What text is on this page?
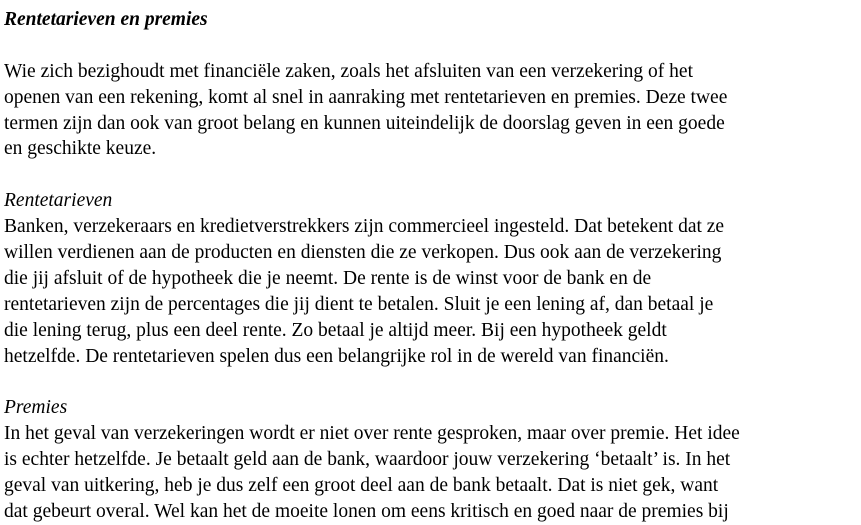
Rentetarieven en premies

Wie zich bezighoudt met financiële zaken, zoals het afsluiten van een verzekering of het
openen van een rekening, komt al snel in aanraking met rentetarieven en premies. Deze twee
termen zijn dan ook van groot belang en kunnen uiteindelijk de doorslag geven in een goede
en geschikte keuze.

Rentetarieven

Banken, verzekeraars en kredietverstrekkers zijn commercieel ingesteld. Dat betekent dat ze
willen verdienen aan de producten en diensten die ze verkopen. Dus ook aan de verzekering
die jij afsluit of de hypotheek die je neemt. De rente is de winst voor de bank en de
rentetarieven zijn de percentages die jij dient te betalen. Sluit je een lening af, dan betaal je
die lening terug, plus een deel rente. Zo betaal je altijd meer. Bij een hypotheek geldt
hetzelfde. De rentetarieven spelen dus een belangrijke rol in de wereld van financiën.

Premies

In het geval van verzekeringen wordt er niet over rente gesproken, maar over premie. Het idee
is echter hetzelfde. Je betaalt geld aan de bank, waardoor jouw verzekering ‘betaalt’ is. In het
geval van uitkering, heb je dus zelf een groot deel aan de bank betaalt. Dat is niet gek, want
dat gebeurt overal. Wel kan het de moeite lonen om eens kritisch en goed naar de premies bij
